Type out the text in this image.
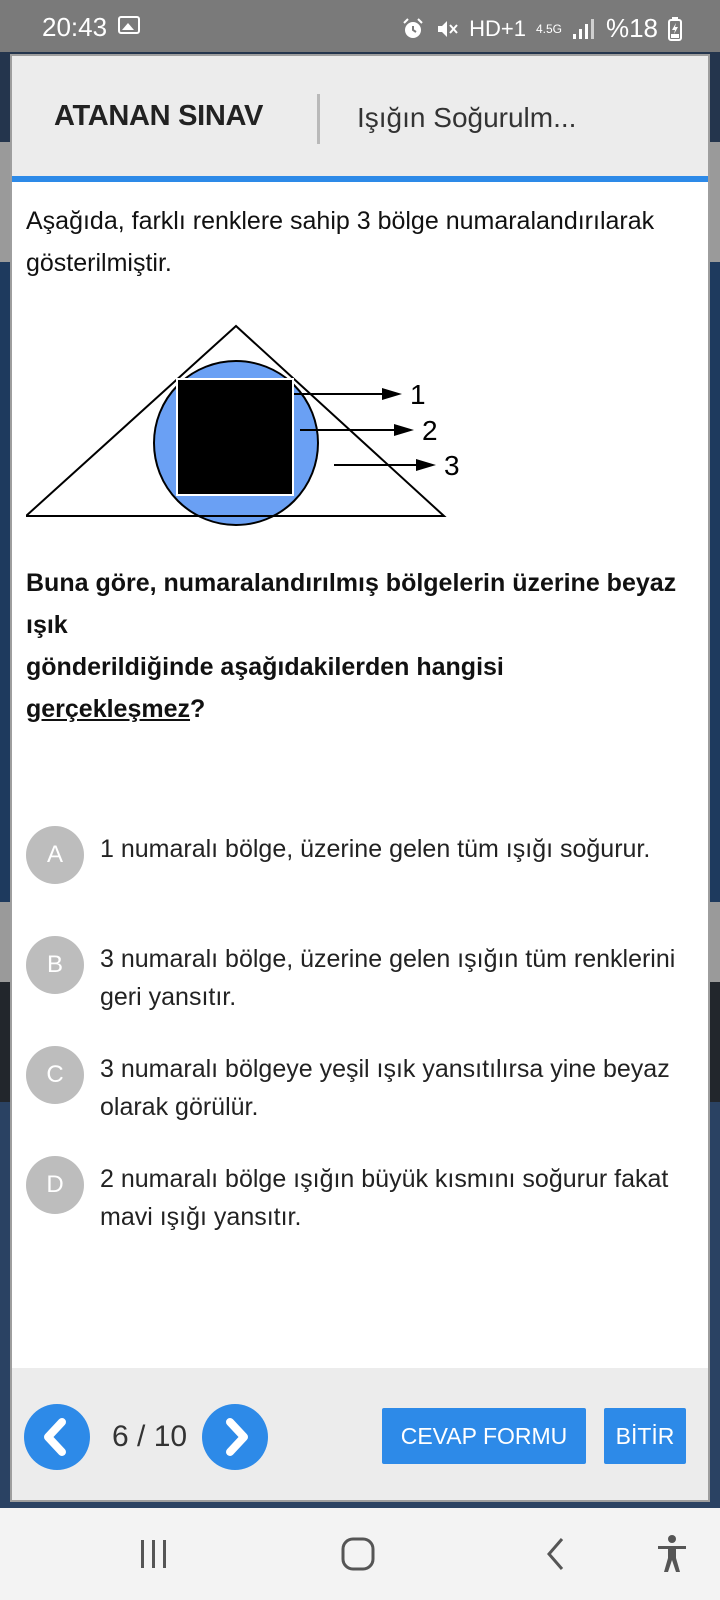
20:43	HD+1 4.5G %18
ATANAN SINAV	Işığın Soğurulm...

Aşağıda, farklı renklere sahip 3 bölge numaralandırılarak gösterilmiştir.

1
2
3
Buna göre, numaralandırılmış bölgelerin üzerine beyaz ışık
gönderildiğinde aşağıdakilerden hangisi
gerçekleşmez?
A	1 numaralı bölge, üzerine gelen tüm ışığı soğurur.
B	3 numaralı bölge, üzerine gelen ışığın tüm renklerini geri yansıtır.
C	3 numaralı bölgeye yeşil ışık yansıtılırsa yine beyaz olarak görülür.
D	2 numaralı bölge ışığın büyük kısmını soğurur fakat mavi ışığı yansıtır.
6 / 10	CEVAP FORMU	BİTİR
